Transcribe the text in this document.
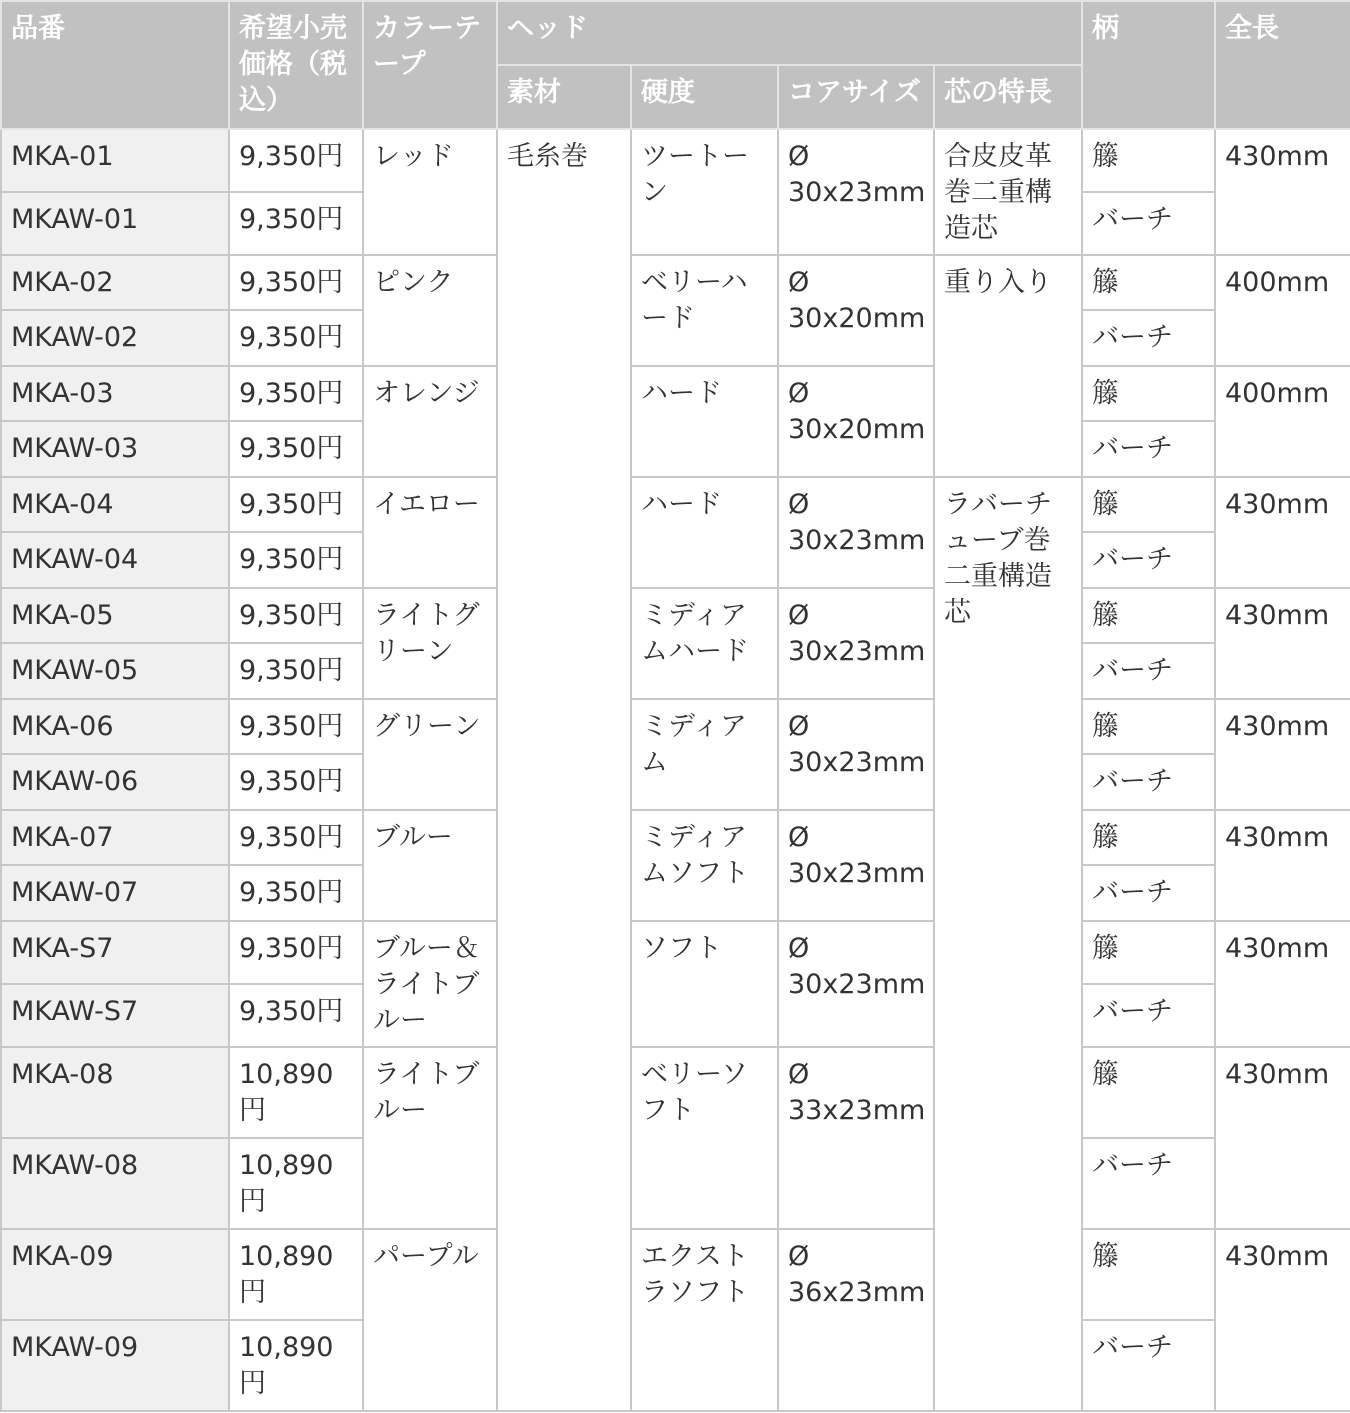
品番	希望小売価格（税込）	カラーテープ	ヘッド				柄	全長
			素材	硬度	コアサイズ	芯の特長		
MKA-01	9,350円	レッド	毛糸巻	ツートーン	Ø 30x23mm	合皮皮革巻二重構造芯	籐	430mm
MKAW-01	9,350円						バーチ	
MKA-02	9,350円	ピンク		ベリーハード	Ø 30x20mm	重り入り	籐	400mm
MKAW-02	9,350円						バーチ	
MKA-03	9,350円	オレンジ		ハード	Ø 30x20mm		籐	400mm
MKAW-03	9,350円						バーチ	
MKA-04	9,350円	イエロー		ハード	Ø 30x23mm	ラバーチューブ巻二重構造芯	籐	430mm
MKAW-04	9,350円						バーチ	
MKA-05	9,350円	ライトグリーン		ミディアムハード	Ø 30x23mm		籐	430mm
MKAW-05	9,350円						バーチ	
MKA-06	9,350円	グリーン		ミディアム	Ø 30x23mm		籐	430mm
MKAW-06	9,350円						バーチ	
MKA-07	9,350円	ブルー		ミディアムソフト	Ø 30x23mm		籐	430mm
MKAW-07	9,350円						バーチ	
MKA-S7	9,350円	ブルー＆ライトブルー		ソフト	Ø 30x23mm		籐	430mm
MKAW-S7	9,350円						バーチ	
MKA-08	10,890円	ライトブルー		ベリーソフト	Ø 33x23mm		籐	430mm
MKAW-08	10,890円						バーチ	
MKA-09	10,890円	パープル		エクストラソフト	Ø 36x23mm		籐	430mm
MKAW-09	10,890円						バーチ	
